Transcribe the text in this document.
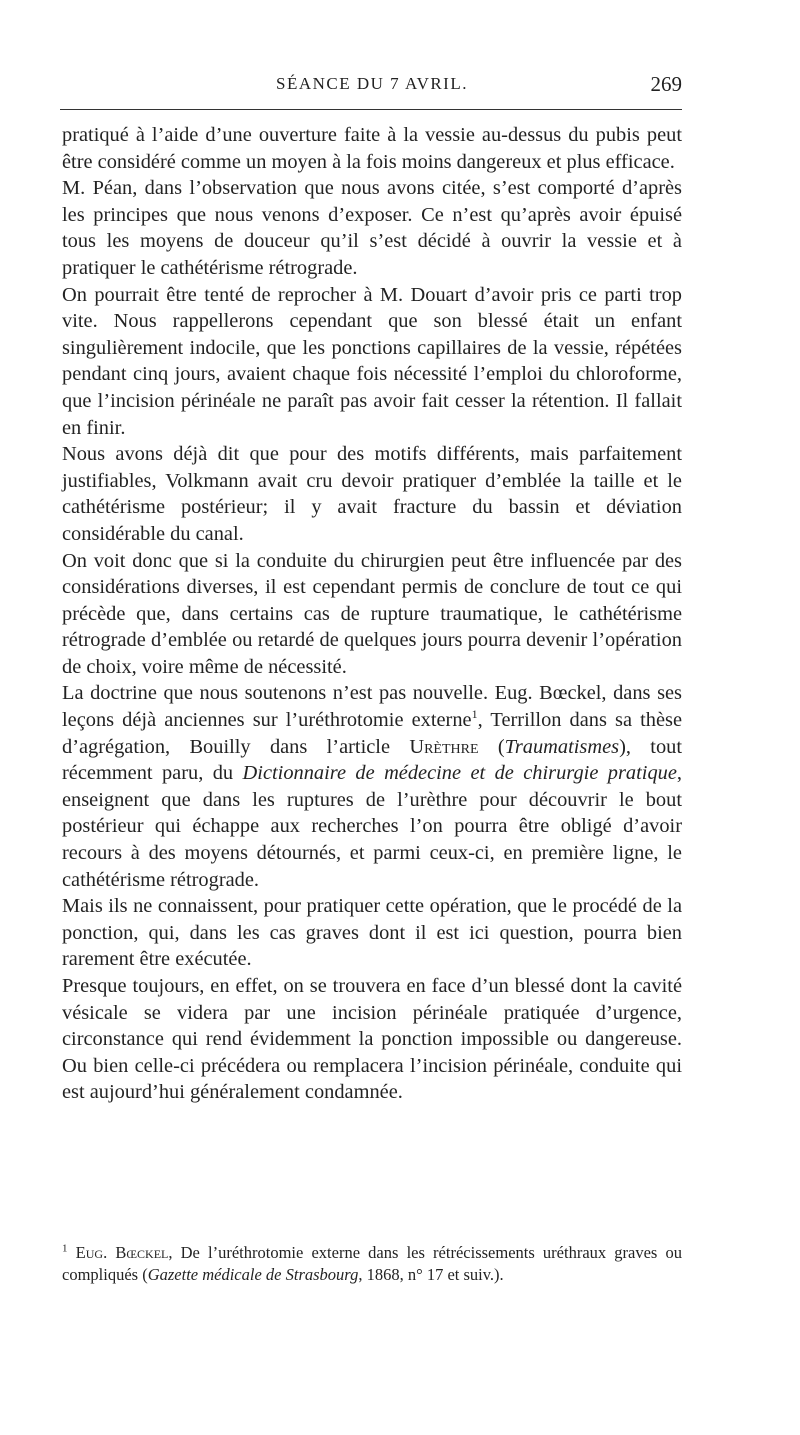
SÉANCE DU 7 AVRIL.	269

pratiqué à l’aide d’une ouverture faite à la vessie au-dessus du pubis peut être considéré comme un moyen à la fois moins dangereux et plus efficace.

M. Péan, dans l’observation que nous avons citée, s’est comporté d’après les principes que nous venons d’exposer. Ce n’est qu’après avoir épuisé tous les moyens de douceur qu’il s’est décidé à ouvrir la vessie et à pratiquer le cathétérisme rétrograde.

On pourrait être tenté de reprocher à M. Douart d’avoir pris ce parti trop vite. Nous rappellerons cependant que son blessé était un enfant singulièrement indocile, que les ponctions capillaires de la vessie, répétées pendant cinq jours, avaient chaque fois nécessité l’emploi du chloroforme, que l’incision périnéale ne paraît pas avoir fait cesser la rétention. Il fallait en finir.

Nous avons déjà dit que pour des motifs différents, mais parfaitement justifiables, Volkmann avait cru devoir pratiquer d’emblée la taille et le cathétérisme postérieur; il y avait fracture du bassin et déviation considérable du canal.

On voit donc que si la conduite du chirurgien peut être influencée par des considérations diverses, il est cependant permis de conclure de tout ce qui précède que, dans certains cas de rupture traumatique, le cathétérisme rétrograde d’emblée ou retardé de quelques jours pourra devenir l’opération de choix, voire même de nécessité.

La doctrine que nous soutenons n’est pas nouvelle. Eug. Bœckel, dans ses leçons déjà anciennes sur l’uréthrotomie externe$^1$, Terrillon dans sa thèse d’agrégation, Bouilly dans l’article Urèthre (Traumatismes), tout récemment paru, du Dictionnaire de médecine et de chirurgie pratique, enseignent que dans les ruptures de l’urèthre pour découvrir le bout postérieur qui échappe aux recherches l’on pourra être obligé d’avoir recours à des moyens détournés, et parmi ceux-ci, en première ligne, le cathétérisme rétrograde.

Mais ils ne connaissent, pour pratiquer cette opération, que le procédé de la ponction, qui, dans les cas graves dont il est ici question, pourra bien rarement être exécutée.

Presque toujours, en effet, on se trouvera en face d’un blessé dont la cavité vésicale se videra par une incision périnéale pratiquée d’urgence, circonstance qui rend évidemment la ponction impossible ou dangereuse. Ou bien celle-ci précédera ou remplacera l’incision périnéale, conduite qui est aujourd’hui généralement condamnée.

$^1$ Eug. Bœckel, De l’uréthrotomie externe dans les rétrécissements uréthraux graves ou compliqués (Gazette médicale de Strasbourg, 1868, n° 17 et suiv.).
